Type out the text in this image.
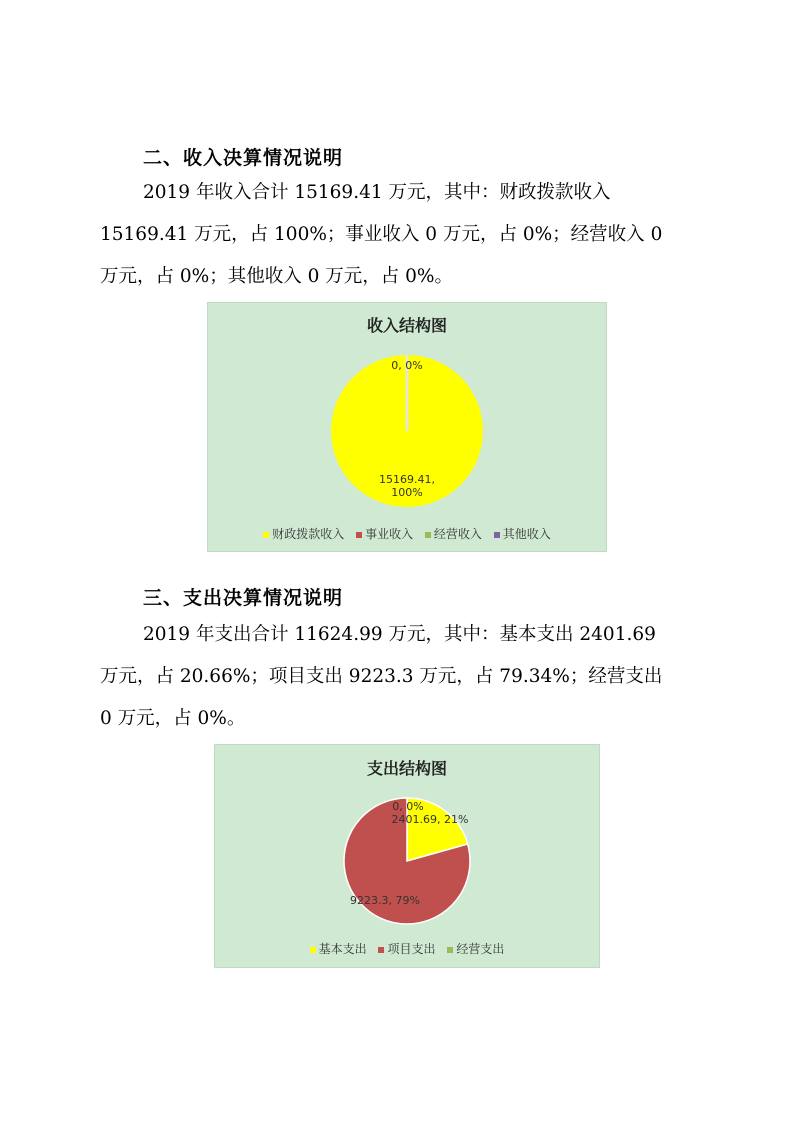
二、收入决算情况说明
2019 年收入合计 15169.41 万元，其中：财政拨款收入
15169.41 万元，占 100%；事业收入 0 万元，占 0%；经营收入 0
万元，占 0%；其他收入 0 万元，占 0%。
收入结构图
15169.41, 100%
0, 0%
财政拨款收入 事业收入 经营收入 其他收入
三、支出决算情况说明
2019 年支出合计 11624.99 万元，其中：基本支出 2401.69
万元，占 20.66%；项目支出 9223.3 万元，占 79.34%；经营支出
0 万元，占 0%。
支出结构图
2401.69, 21%
9223.3, 79%
0, 0%
基本支出 项目支出 经营支出
